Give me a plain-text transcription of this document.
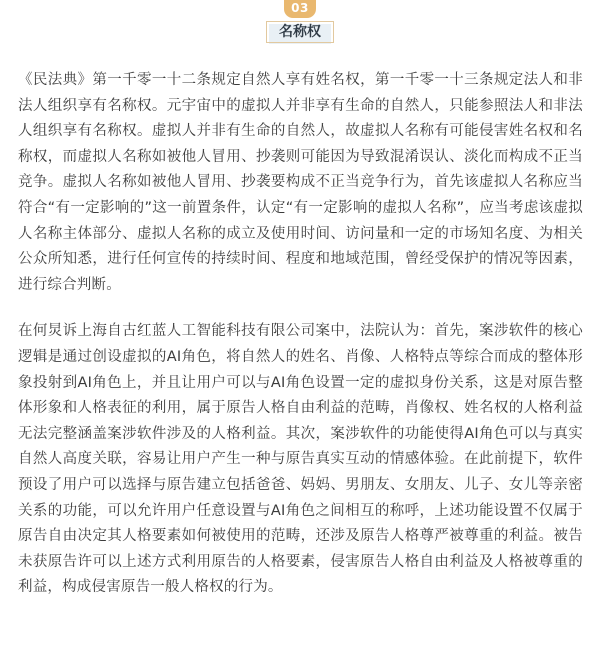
03
名称权

《民法典》第一千零一十二条规定自然人享有姓名权，第一千零一十三条规定法人和非法人组织享有名称权。元宇宙中的虚拟人并非享有生命的自然人，只能参照法人和非法人组织享有名称权。虚拟人并非有生命的自然人，故虚拟人名称有可能侵害姓名权和名称权，而虚拟人名称如被他人冒用、抄袭则可能因为导致混淆误认、淡化而构成不正当竞争。虚拟人名称如被他人冒用、抄袭要构成不正当竞争行为，首先该虚拟人名称应当符合“有一定影响的”这一前置条件，认定“有一定影响的虚拟人名称”，应当考虑该虚拟人名称主体部分、虚拟人名称的成立及使用时间、访问量和一定的市场知名度、为相关公众所知悉，进行任何宣传的持续时间、程度和地域范围，曾经受保护的情况等因素，进行综合判断。

在何炅诉上海自古红蓝人工智能科技有限公司案中，法院认为：首先，案涉软件的核心逻辑是通过创设虚拟的AI角色，将自然人的姓名、肖像、人格特点等综合而成的整体形象投射到AI角色上，并且让用户可以与AI角色设置一定的虚拟身份关系，这是对原告整体形象和人格表征的利用，属于原告人格自由利益的范畴，肖像权、姓名权的人格利益无法完整涵盖案涉软件涉及的人格利益。其次，案涉软件的功能使得AI角色可以与真实自然人高度关联，容易让用户产生一种与原告真实互动的情感体验。在此前提下，软件预设了用户可以选择与原告建立包括爸爸、妈妈、男朋友、女朋友、儿子、女儿等亲密关系的功能，可以允许用户任意设置与AI角色之间相互的称呼，上述功能设置不仅属于原告自由决定其人格要素如何被使用的范畴，还涉及原告人格尊严被尊重的利益。被告未获原告许可以上述方式利用原告的人格要素，侵害原告人格自由利益及人格被尊重的利益，构成侵害原告一般人格权的行为。
